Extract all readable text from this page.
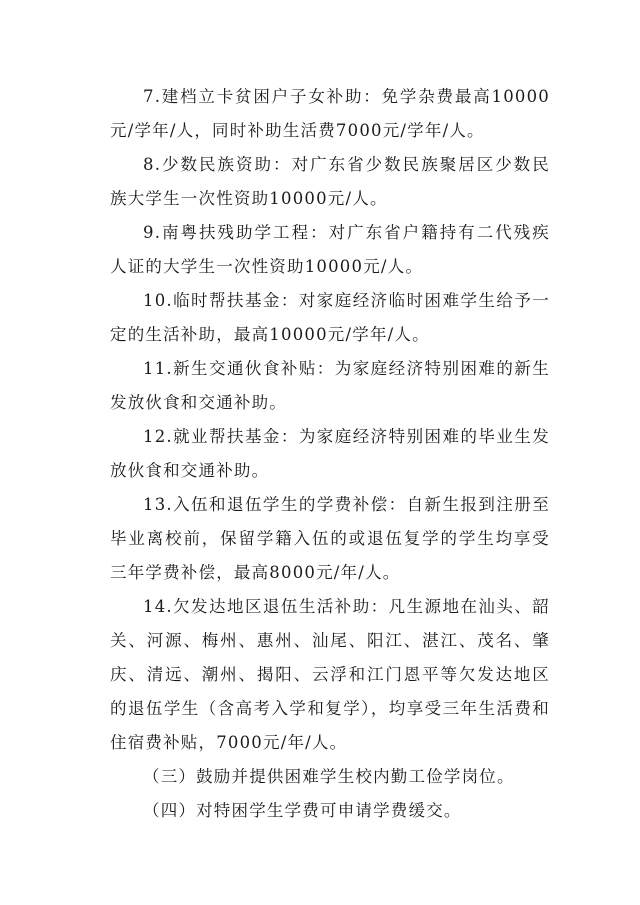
7.建档立卡贫困户子女补助：免学杂费最高10000元/学年/人，同时补助生活费7000元/学年/人。

8.少数民族资助：对广东省少数民族聚居区少数民族大学生一次性资助10000元/人。

9.南粤扶残助学工程：对广东省户籍持有二代残疾人证的大学生一次性资助10000元/人。

10.临时帮扶基金：对家庭经济临时困难学生给予一定的生活补助，最高10000元/学年/人。

11.新生交通伙食补贴：为家庭经济特别困难的新生发放伙食和交通补助。

12.就业帮扶基金：为家庭经济特别困难的毕业生发放伙食和交通补助。

13.入伍和退伍学生的学费补偿：自新生报到注册至毕业离校前，保留学籍入伍的或退伍复学的学生均享受三年学费补偿，最高8000元/年/人。

14.欠发达地区退伍生活补助：凡生源地在汕头、韶关、河源、梅州、惠州、汕尾、阳江、湛江、茂名、肇庆、清远、潮州、揭阳、云浮和江门恩平等欠发达地区的退伍学生（含高考入学和复学），均享受三年生活费和住宿费补贴，7000元/年/人。

（三）鼓励并提供困难学生校内勤工俭学岗位。

（四）对特困学生学费可申请学费缓交。
